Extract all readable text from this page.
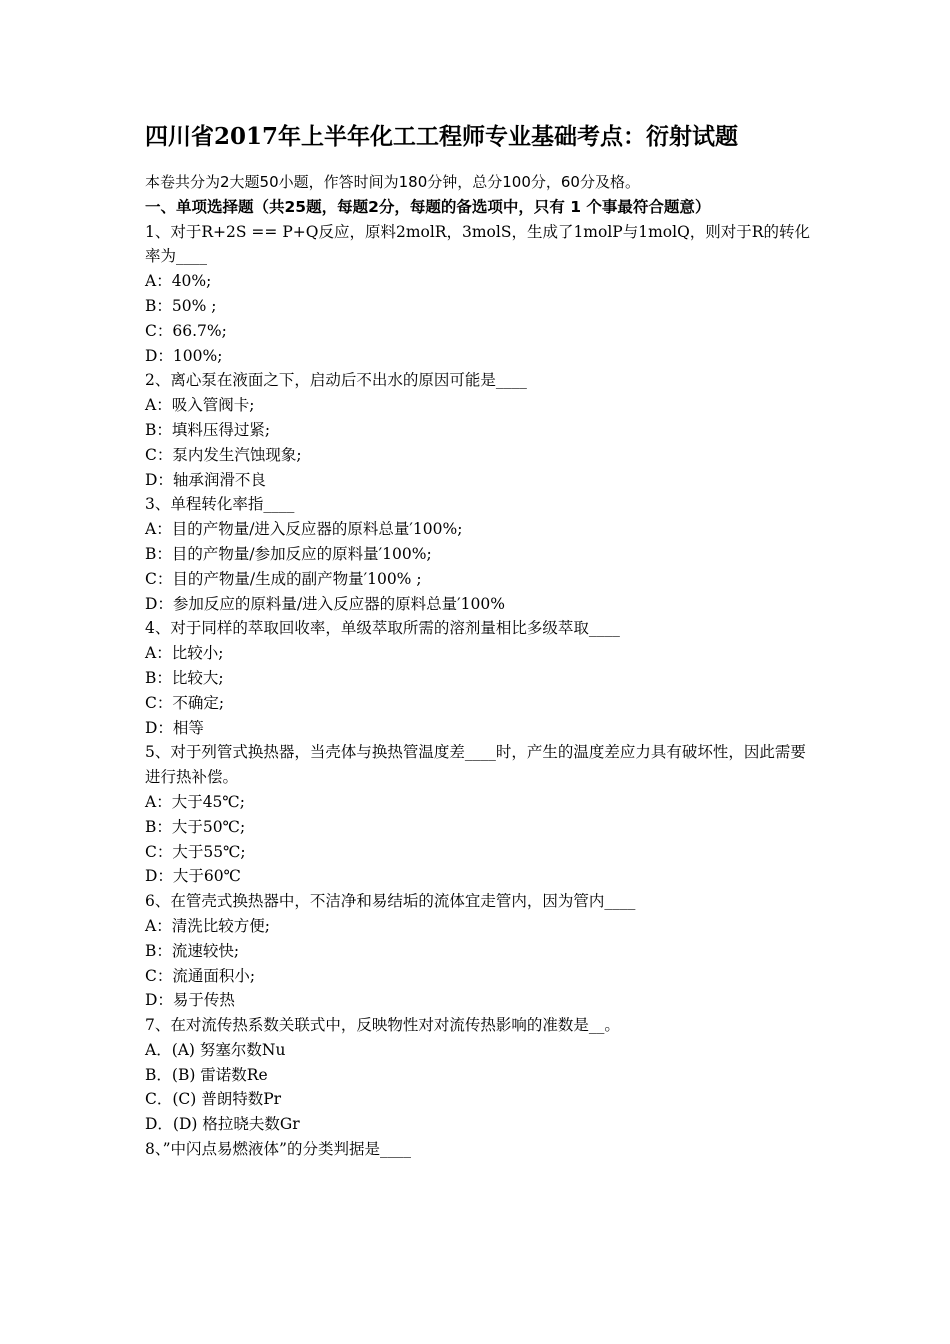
四川省2017年上半年化工工程师专业基础考点：衍射试题

本卷共分为2大题50小题，作答时间为180分钟，总分100分，60分及格。

一、单项选择题（共25题，每题2分，每题的备选项中，只有 1 个事最符合题意）

1、对于R+2S == P+Q反应，原料2molR，3molS，生成了1molP与1molQ，则对于R的转化率为____

A：40%;

B：50% ;

C：66.7%;

D：100%;

2、离心泵在液面之下，启动后不出水的原因可能是____

A：吸入管阀卡;

B：填料压得过紧;

C：泵内发生汽蚀现象;

D：轴承润滑不良

3、单程转化率指____

A：目的产物量/进入反应器的原料总量′100%;

B：目的产物量/参加反应的原料量′100%;

C：目的产物量/生成的副产物量′100% ;

D：参加反应的原料量/进入反应器的原料总量′100%

4、对于同样的萃取回收率，单级萃取所需的溶剂量相比多级萃取____

A：比较小;

B：比较大;

C：不确定;

D：相等

5、对于列管式换热器，当壳体与换热管温度差____时，产生的温度差应力具有破坏性，因此需要进行热补偿。

A：大于45℃;

B：大于50℃;

C：大于55℃;

D：大于60℃

6、在管壳式换热器中，不洁净和易结垢的流体宜走管内，因为管内____

A：清洗比较方便;

B：流速较快;

C：流通面积小;

D：易于传热

7、在对流传热系数关联式中，反映物性对对流传热影响的准数是__。

A．(A) 努塞尔数Nu

B．(B) 雷诺数Re

C．(C) 普朗特数Pr

D．(D) 格拉晓夫数Gr

8、”中闪点易燃液体”的分类判据是____
